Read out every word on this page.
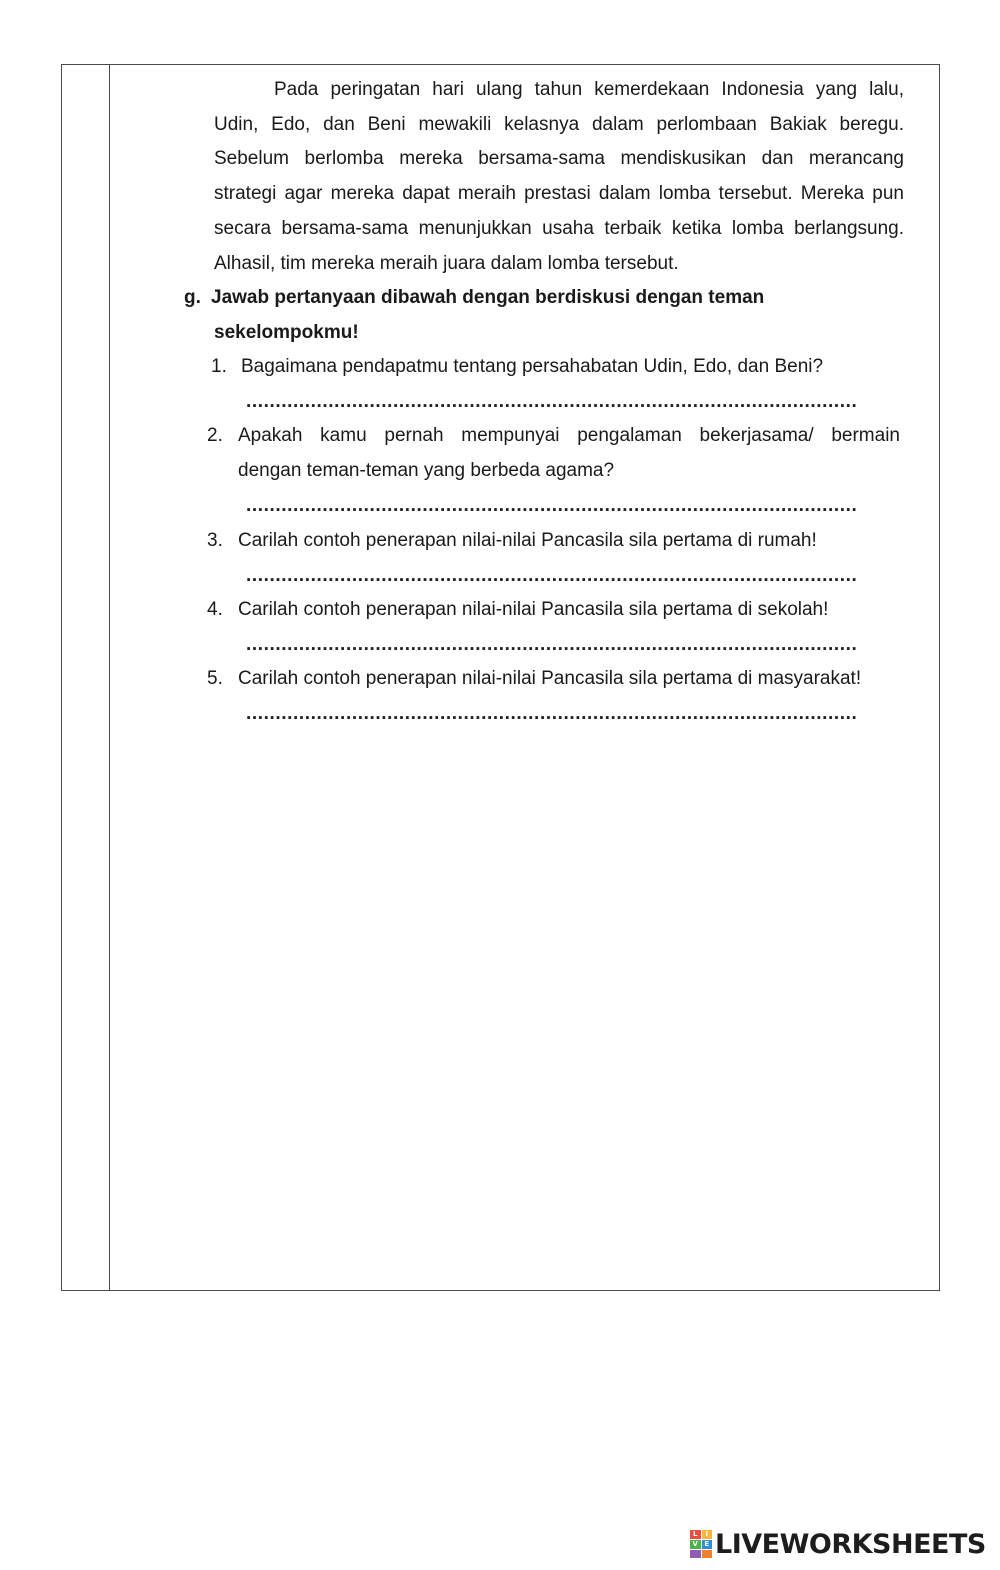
Pada peringatan hari ulang tahun kemerdekaan Indonesia yang lalu,
Udin, Edo, dan Beni mewakili kelasnya dalam perlombaan Bakiak beregu.
Sebelum berlomba mereka bersama-sama mendiskusikan dan merancang
strategi agar mereka dapat meraih prestasi dalam lomba tersebut. Mereka pun
secara bersama-sama menunjukkan usaha terbaik ketika lomba berlangsung.
Alhasil, tim mereka meraih juara dalam lomba tersebut.
g. Jawab pertanyaan dibawah dengan berdiskusi dengan teman
sekelompokmu!
1. Bagaimana pendapatmu tentang persahabatan Udin, Edo, dan Beni?
........................................................................................................
2. Apakah kamu pernah mempunyai pengalaman bekerjasama/ bermain
dengan teman-teman yang berbeda agama?
........................................................................................................
3. Carilah contoh penerapan nilai-nilai Pancasila sila pertama di rumah!
........................................................................................................
4. Carilah contoh penerapan nilai-nilai Pancasila sila pertama di sekolah!
........................................................................................................
5. Carilah contoh penerapan nilai-nilai Pancasila sila pertama di masyarakat!
........................................................................................................
L	I
V E LIVEWORKSHEETS
